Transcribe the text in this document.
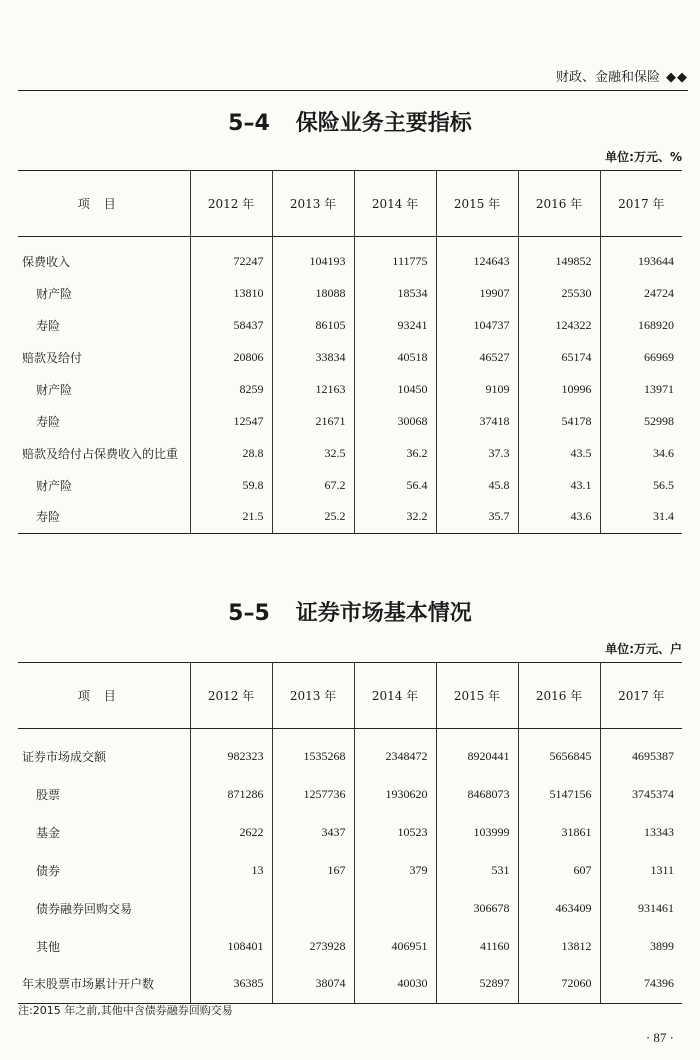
财政、金融和保险 ◆◆
5–4 保险业务主要指标
单位:万元、%
项目	2012 年	2013 年	2014 年	2015 年	2016 年	2017 年

保费收入	72247	104193	111775	124643	149852	193644
财产险	13810	18088	18534	19907	25530	24724
寿险	58437	86105	93241	104737	124322	168920
赔款及给付	20806	33834	40518	46527	65174	66969
财产险	8259	12163	10450	9109	10996	13971
寿险	12547	21671	30068	37418	54178	52998
赔款及给付占保费收入的比重	28.8	32.5	36.2	37.3	43.5	34.6
财产险	59.8	67.2	56.4	45.8	43.1	56.5
寿险	21.5	25.2	32.2	35.7	43.6	31.4
5–5 证券市场基本情况
单位:万元、户
项目	2012 年	2013 年	2014 年	2015 年	2016 年	2017 年

证券市场成交额	982323	1535268	2348472	8920441	5656845	4695387
股票	871286	1257736	1930620	8468073	5147156	3745374
基金	2622	3437	10523	103999	31861	13343
债券	13	167	379	531	607	1311
债券融券回购交易				306678	463409	931461
其他	108401	273928	406951	41160	13812	3899
年末股票市场累计开户数	36385	38074	40030	52897	72060	74396
注:2015 年之前,其他中含债券融券回购交易
· 87 ·
